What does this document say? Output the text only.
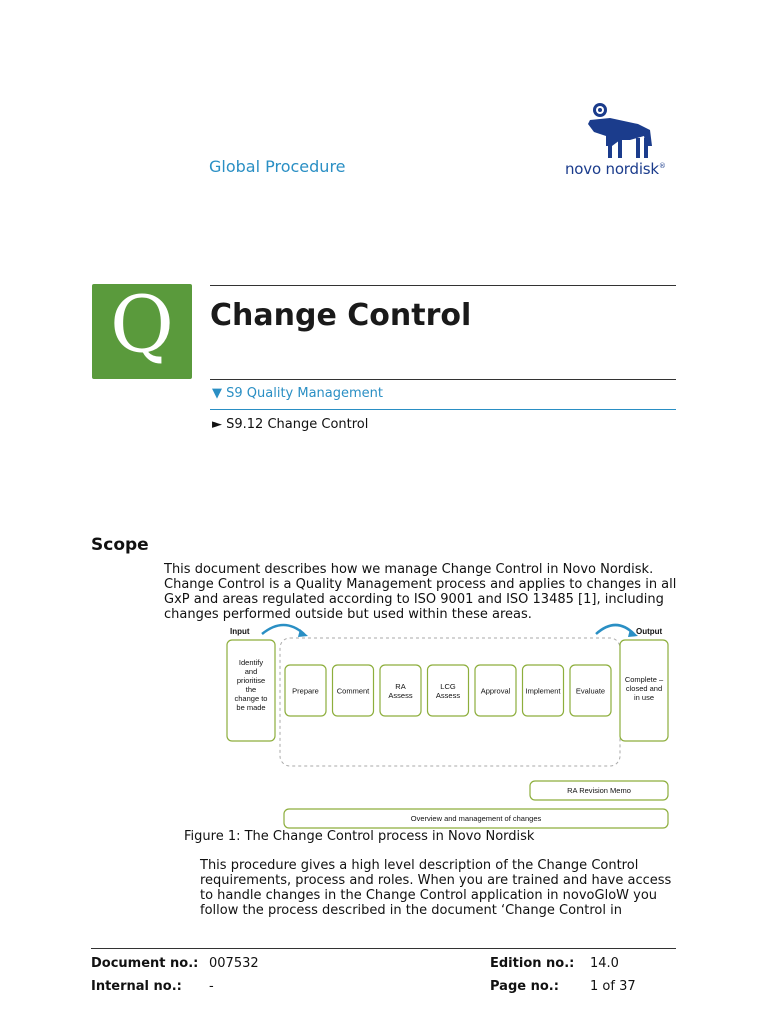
Global Procedure	novo nordisk®
Q	Change Control
▼ S9 Quality Management
► S9.12 Change Control
Scope
This document describes how we manage Change Control in Novo Nordisk.
Change Control is a Quality Management process and applies to changes in all
GxP and areas regulated according to ISO 9001 and ISO 13485 [1], including
changes performed outside but used within these areas.
Input	Output
Identify
and
prioritise
the
change to
be made
Prepare Comment	RA
Assess
LCG
Assess	Approval Implement Evaluate
Complete –
closed and
in use
RA Revision Memo
Overview and management of changes
Figure 1: The Change Control process in Novo Nordisk
This procedure gives a high level description of the Change Control
requirements, process and roles. When you are trained and have access
to handle changes in the Change Control application in novoGloW you
follow the process described in the document ‘Change Control in
Document no.: 007532	Edition no.: 14.0
Internal no.: -	Page no.: 1 of 37
